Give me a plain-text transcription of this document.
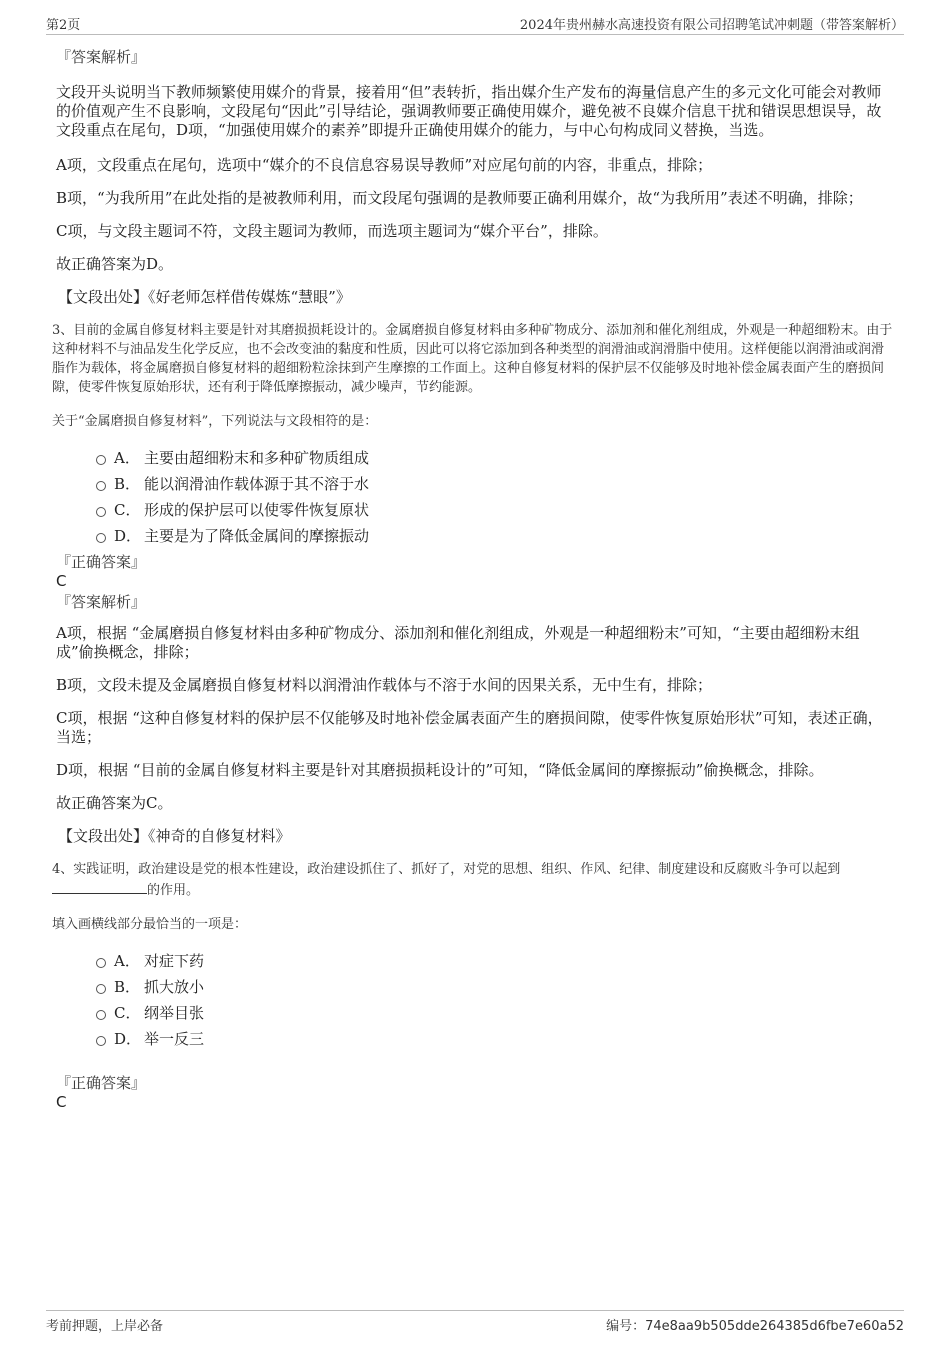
第2页	2024年贵州赫水高速投资有限公司招聘笔试冲刺题（带答案解析）
『答案解析』

文段开头说明当下教师频繁使用媒介的背景，接着用“但”表转折，指出媒介生产发布的海量信息产生的多元文化可能会对教师的价值观产生不良影响，文段尾句“因此”引导结论，强调教师要正确使用媒介，避免被不良媒介信息干扰和错误思想误导，故文段重点在尾句，D项，“加强使用媒介的素养”即提升正确使用媒介的能力，与中心句构成同义替换，当选。

A项，文段重点在尾句，选项中“媒介的不良信息容易误导教师”对应尾句前的内容，非重点，排除；

B项，“为我所用”在此处指的是被教师利用，而文段尾句强调的是教师要正确利用媒介，故“为我所用”表述不明确，排除；

C项，与文段主题词不符，文段主题词为教师，而选项主题词为“媒介平台”，排除。

故正确答案为D。

【文段出处】《好老师怎样借传媒炼“慧眼”》

3、目前的金属自修复材料主要是针对其磨损损耗设计的。金属磨损自修复材料由多种矿物成分、添加剂和催化剂组成，外观是一种超细粉末。由于这种材料不与油品发生化学反应，也不会改变油的黏度和性质，因此可以将它添加到各种类型的润滑油或润滑脂中使用。这样便能以润滑油或润滑脂作为载体，将金属磨损自修复材料的超细粉粒涂抹到产生摩擦的工作面上。这种自修复材料的保护层不仅能够及时地补偿金属表面产生的磨损间隙，使零件恢复原始形状，还有利于降低摩擦振动，减少噪声，节约能源。

关于“金属磨损自修复材料”，下列说法与文段相符的是：

A． 主要由超细粉末和多种矿物质组成
B． 能以润滑油作载体源于其不溶于水
C． 形成的保护层可以使零件恢复原状
D． 主要是为了降低金属间的摩擦振动
『正确答案』
C
『答案解析』

A项，根据 “金属磨损自修复材料由多种矿物成分、添加剂和催化剂组成，外观是一种超细粉末”可知，“主要由超细粉末组成”偷换概念，排除；

B项，文段未提及金属磨损自修复材料以润滑油作载体与不溶于水间的因果关系，无中生有，排除；

C项，根据 “这种自修复材料的保护层不仅能够及时地补偿金属表面产生的磨损间隙，使零件恢复原始形状”可知，表述正确，当选；

D项，根据 “目前的金属自修复材料主要是针对其磨损损耗设计的”可知，“降低金属间的摩擦振动”偷换概念，排除。

故正确答案为C。

【文段出处】《神奇的自修复材料》

4、实践证明，政治建设是党的根本性建设，政治建设抓住了、抓好了，对党的思想、组织、作风、纪律、制度建设和反腐败斗争可以起到的作用。

填入画横线部分最恰当的一项是：

A． 对症下药
B． 抓大放小
C． 纲举目张
D． 举一反三
『正确答案』
C
考前押题，上岸必备	编号：74e8aa9b505dde264385d6fbe7e60a52
